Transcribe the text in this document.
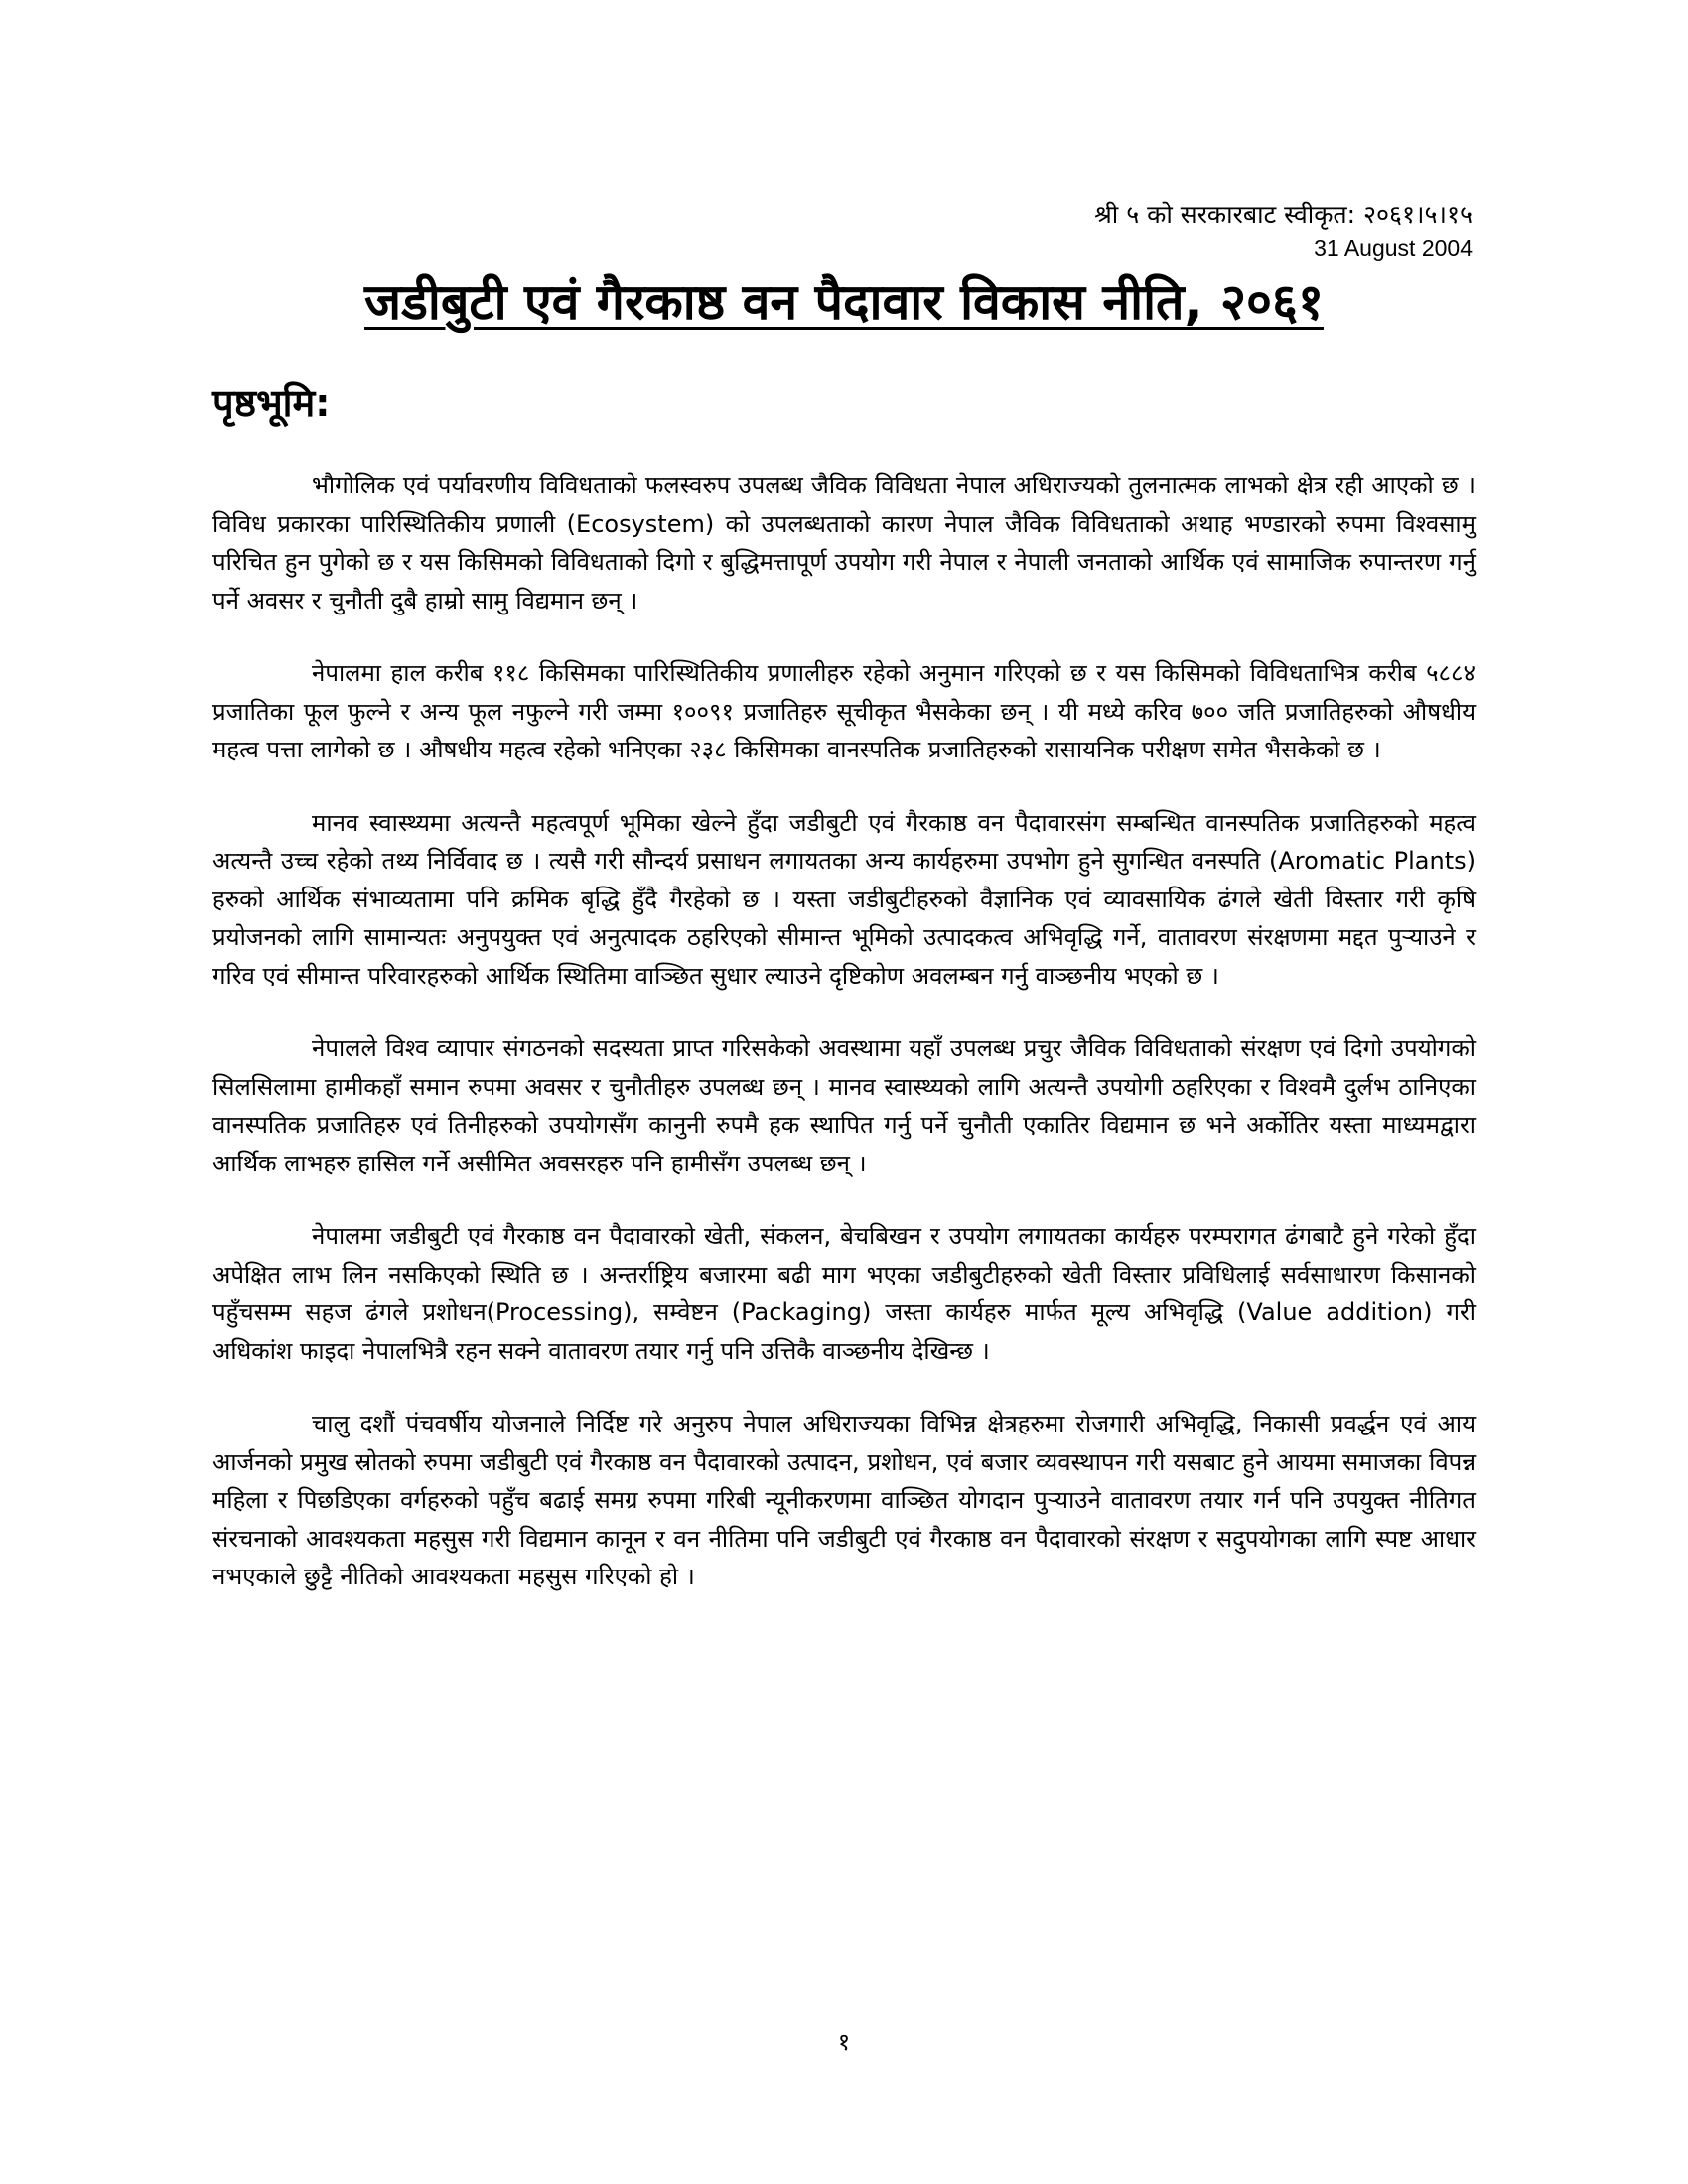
श्री ५ को सरकारबाट स्वीकृत: २०६१।५।१५
31 August 2004
जडीबुटी एवं गैरकाष्ठ वन पैदावार विकास नीति, २०६१
पृष्ठभूमि:

भौगोलिक एवं पर्यावरणीय विविधताको फलस्वरुप उपलब्ध जैविक विविधता नेपाल अधिराज्यको तुलनात्मक लाभको क्षेत्र रही आएको छ । विविध प्रकारका पारिस्थितिकीय प्रणाली (Ecosystem) को उपलब्धताको कारण नेपाल जैविक विविधताको अथाह भण्डारको रुपमा विश्वसामु परिचित हुन पुगेको छ र यस किसिमको विविधताको दिगो र बुद्धिमत्तापूर्ण उपयोग गरी नेपाल र नेपाली जनताको आर्थिक एवं सामाजिक रुपान्तरण गर्नु पर्ने अवसर र चुनौती दुबै हाम्रो सामु विद्यमान छन् ।

नेपालमा हाल करीब ११८ किसिमका पारिस्थितिकीय प्रणालीहरु रहेको अनुमान गरिएको छ र यस किसिमको विविधताभित्र करीब ५८८४ प्रजातिका फूल फुल्ने र अन्य फूल नफुल्ने गरी जम्मा १००९१ प्रजातिहरु सूचीकृत भैसकेका छन् । यी मध्ये करिव ७०० जति प्रजातिहरुको औषधीय महत्व पत्ता लागेको छ । औषधीय महत्व रहेको भनिएका २३८ किसिमका वानस्पतिक प्रजातिहरुको रासायनिक परीक्षण समेत भैसकेको छ ।

मानव स्वास्थ्यमा अत्यन्तै महत्वपूर्ण भूमिका खेल्ने हुँदा जडीबुटी एवं गैरकाष्ठ वन पैदावारसंग सम्बन्धित वानस्पतिक प्रजातिहरुको महत्व अत्यन्तै उच्च रहेको तथ्य निर्विवाद छ । त्यसै गरी सौन्दर्य प्रसाधन लगायतका अन्य कार्यहरुमा उपभोग हुने सुगन्धित वनस्पति (Aromatic Plants) हरुको आर्थिक संभाव्यतामा पनि क्रमिक बृद्धि हुँदै गैरहेको छ । यस्ता जडीबुटीहरुको वैज्ञानिक एवं व्यावसायिक ढंगले खेती विस्तार गरी कृषि प्रयोजनको लागि सामान्यतः अनुपयुक्त एवं अनुत्पादक ठहरिएको सीमान्त भूमिको उत्पादकत्व अभिवृद्धि गर्ने, वातावरण संरक्षणमा मद्दत पुऱ्याउने र गरिव एवं सीमान्त परिवारहरुको आर्थिक स्थितिमा वाञ्छित सुधार ल्याउने दृष्टिकोण अवलम्बन गर्नु वाञ्छनीय भएको छ ।

नेपालले विश्व व्यापार संगठनको सदस्यता प्राप्त गरिसकेको अवस्थामा यहाँ उपलब्ध प्रचुर जैविक विविधताको संरक्षण एवं दिगो उपयोगको सिलसिलामा हामीकहाँ समान रुपमा अवसर र चुनौतीहरु उपलब्ध छन् । मानव स्वास्थ्यको लागि अत्यन्तै उपयोगी ठहरिएका र विश्वमै दुर्लभ ठानिएका वानस्पतिक प्रजातिहरु एवं तिनीहरुको उपयोगसँग कानुनी रुपमै हक स्थापित गर्नु पर्ने चुनौती एकातिर विद्यमान छ भने अर्कोतिर यस्ता माध्यमद्वारा आर्थिक लाभहरु हासिल गर्ने असीमित अवसरहरु पनि हामीसँग उपलब्ध छन् ।

नेपालमा जडीबुटी एवं गैरकाष्ठ वन पैदावारको खेती, संकलन, बेचबिखन र उपयोग लगायतका कार्यहरु परम्परागत ढंगबाटै हुने गरेको हुँदा अपेक्षित लाभ लिन नसकिएको स्थिति छ । अन्तर्राष्ट्रिय बजारमा बढी माग भएका जडीबुटीहरुको खेती विस्तार प्रविधिलाई सर्वसाधारण किसानको पहुँचसम्म सहज ढंगले प्रशोधन(Processing), सम्वेष्टन (Packaging) जस्ता कार्यहरु मार्फत मूल्य अभिवृद्धि (Value addition) गरी अधिकांश फाइदा नेपालभित्रै रहन सक्ने वातावरण तयार गर्नु पनि उत्तिकै वाञ्छनीय देखिन्छ ।

चालु दशौं पंचवर्षीय योजनाले निर्दिष्ट गरे अनुरुप नेपाल अधिराज्यका विभिन्न क्षेत्रहरुमा रोजगारी अभिवृद्धि, निकासी प्रवर्द्धन एवं आय आर्जनको प्रमुख स्रोतको रुपमा जडीबुटी एवं गैरकाष्ठ वन पैदावारको उत्पादन, प्रशोधन, एवं बजार व्यवस्थापन गरी यसबाट हुने आयमा समाजका विपन्न महिला र पिछडिएका वर्गहरुको पहुँच बढाई समग्र रुपमा गरिबी न्यूनीकरणमा वाञ्छित योगदान पुऱ्याउने वातावरण तयार गर्न पनि उपयुक्त नीतिगत संरचनाको आवश्यकता महसुस गरी विद्यमान कानून र वन नीतिमा पनि जडीबुटी एवं गैरकाष्ठ वन पैदावारको संरक्षण र सदुपयोगका लागि स्पष्ट आधार नभएकाले छुट्टै नीतिको आवश्यकता महसुस गरिएको हो ।

१
